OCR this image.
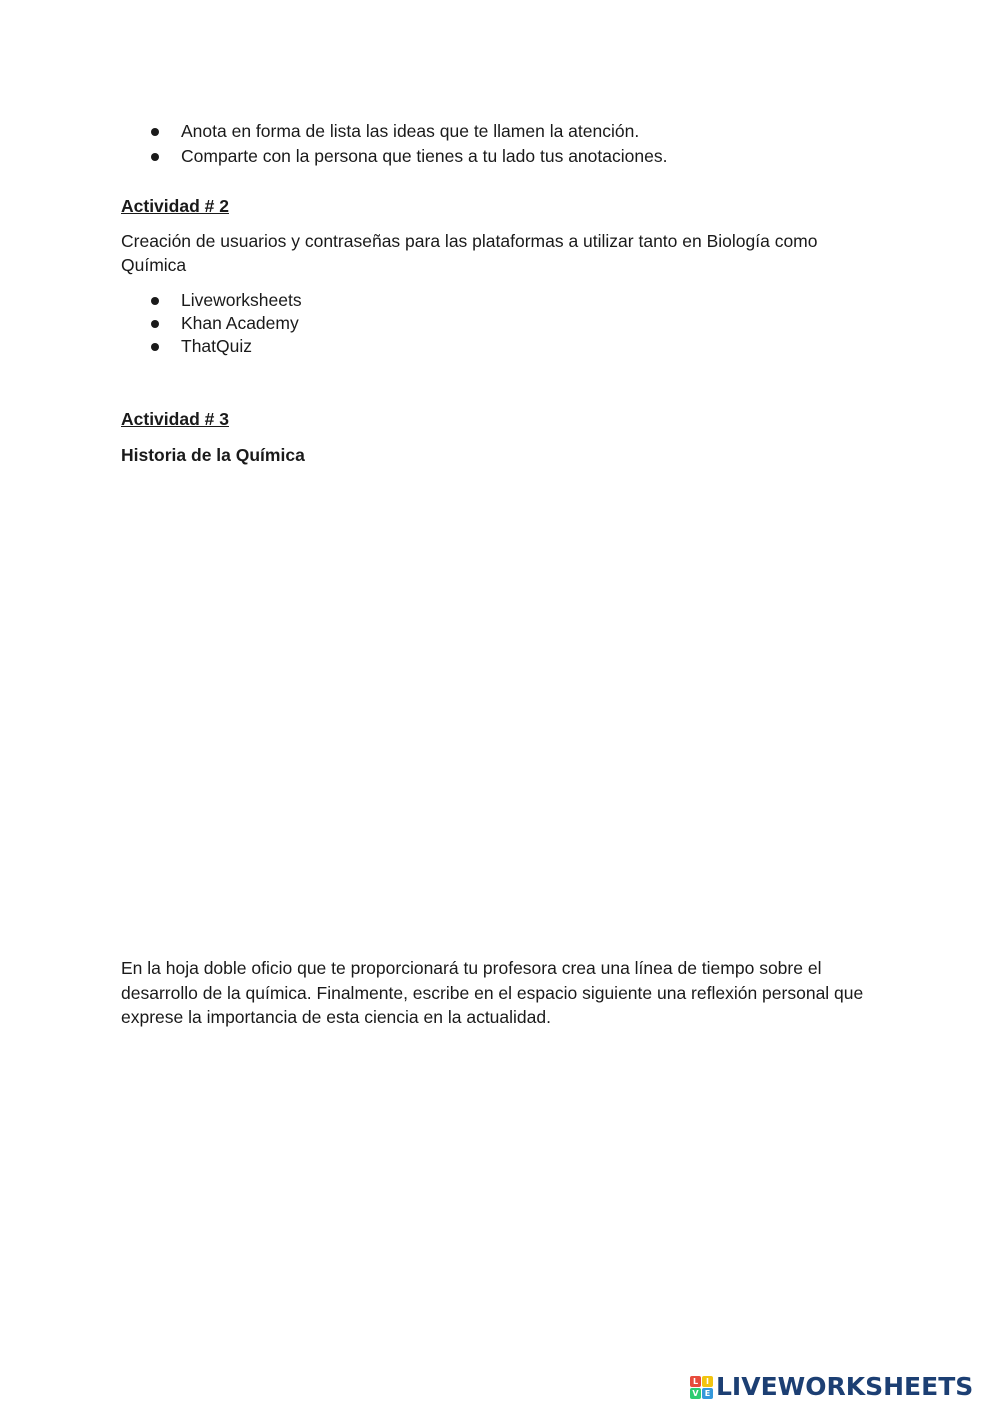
Anota en forma de lista las ideas que te llamen la atención.
Comparte con la persona que tienes a tu lado tus anotaciones.

Actividad # 2

Creación de usuarios y contraseñas para las plataformas a utilizar tanto en Biología como Química

Liveworksheets
Khan Academy
ThatQuiz

Actividad # 3

Historia de la Química

En la hoja doble oficio que te proporcionará tu profesora crea una línea de tiempo sobre el desarrollo de la química. Finalmente, escribe en el espacio siguiente una reflexión personal que exprese la importancia de esta ciencia en la actualidad.

L I
V E LIVEWORKSHEETS
